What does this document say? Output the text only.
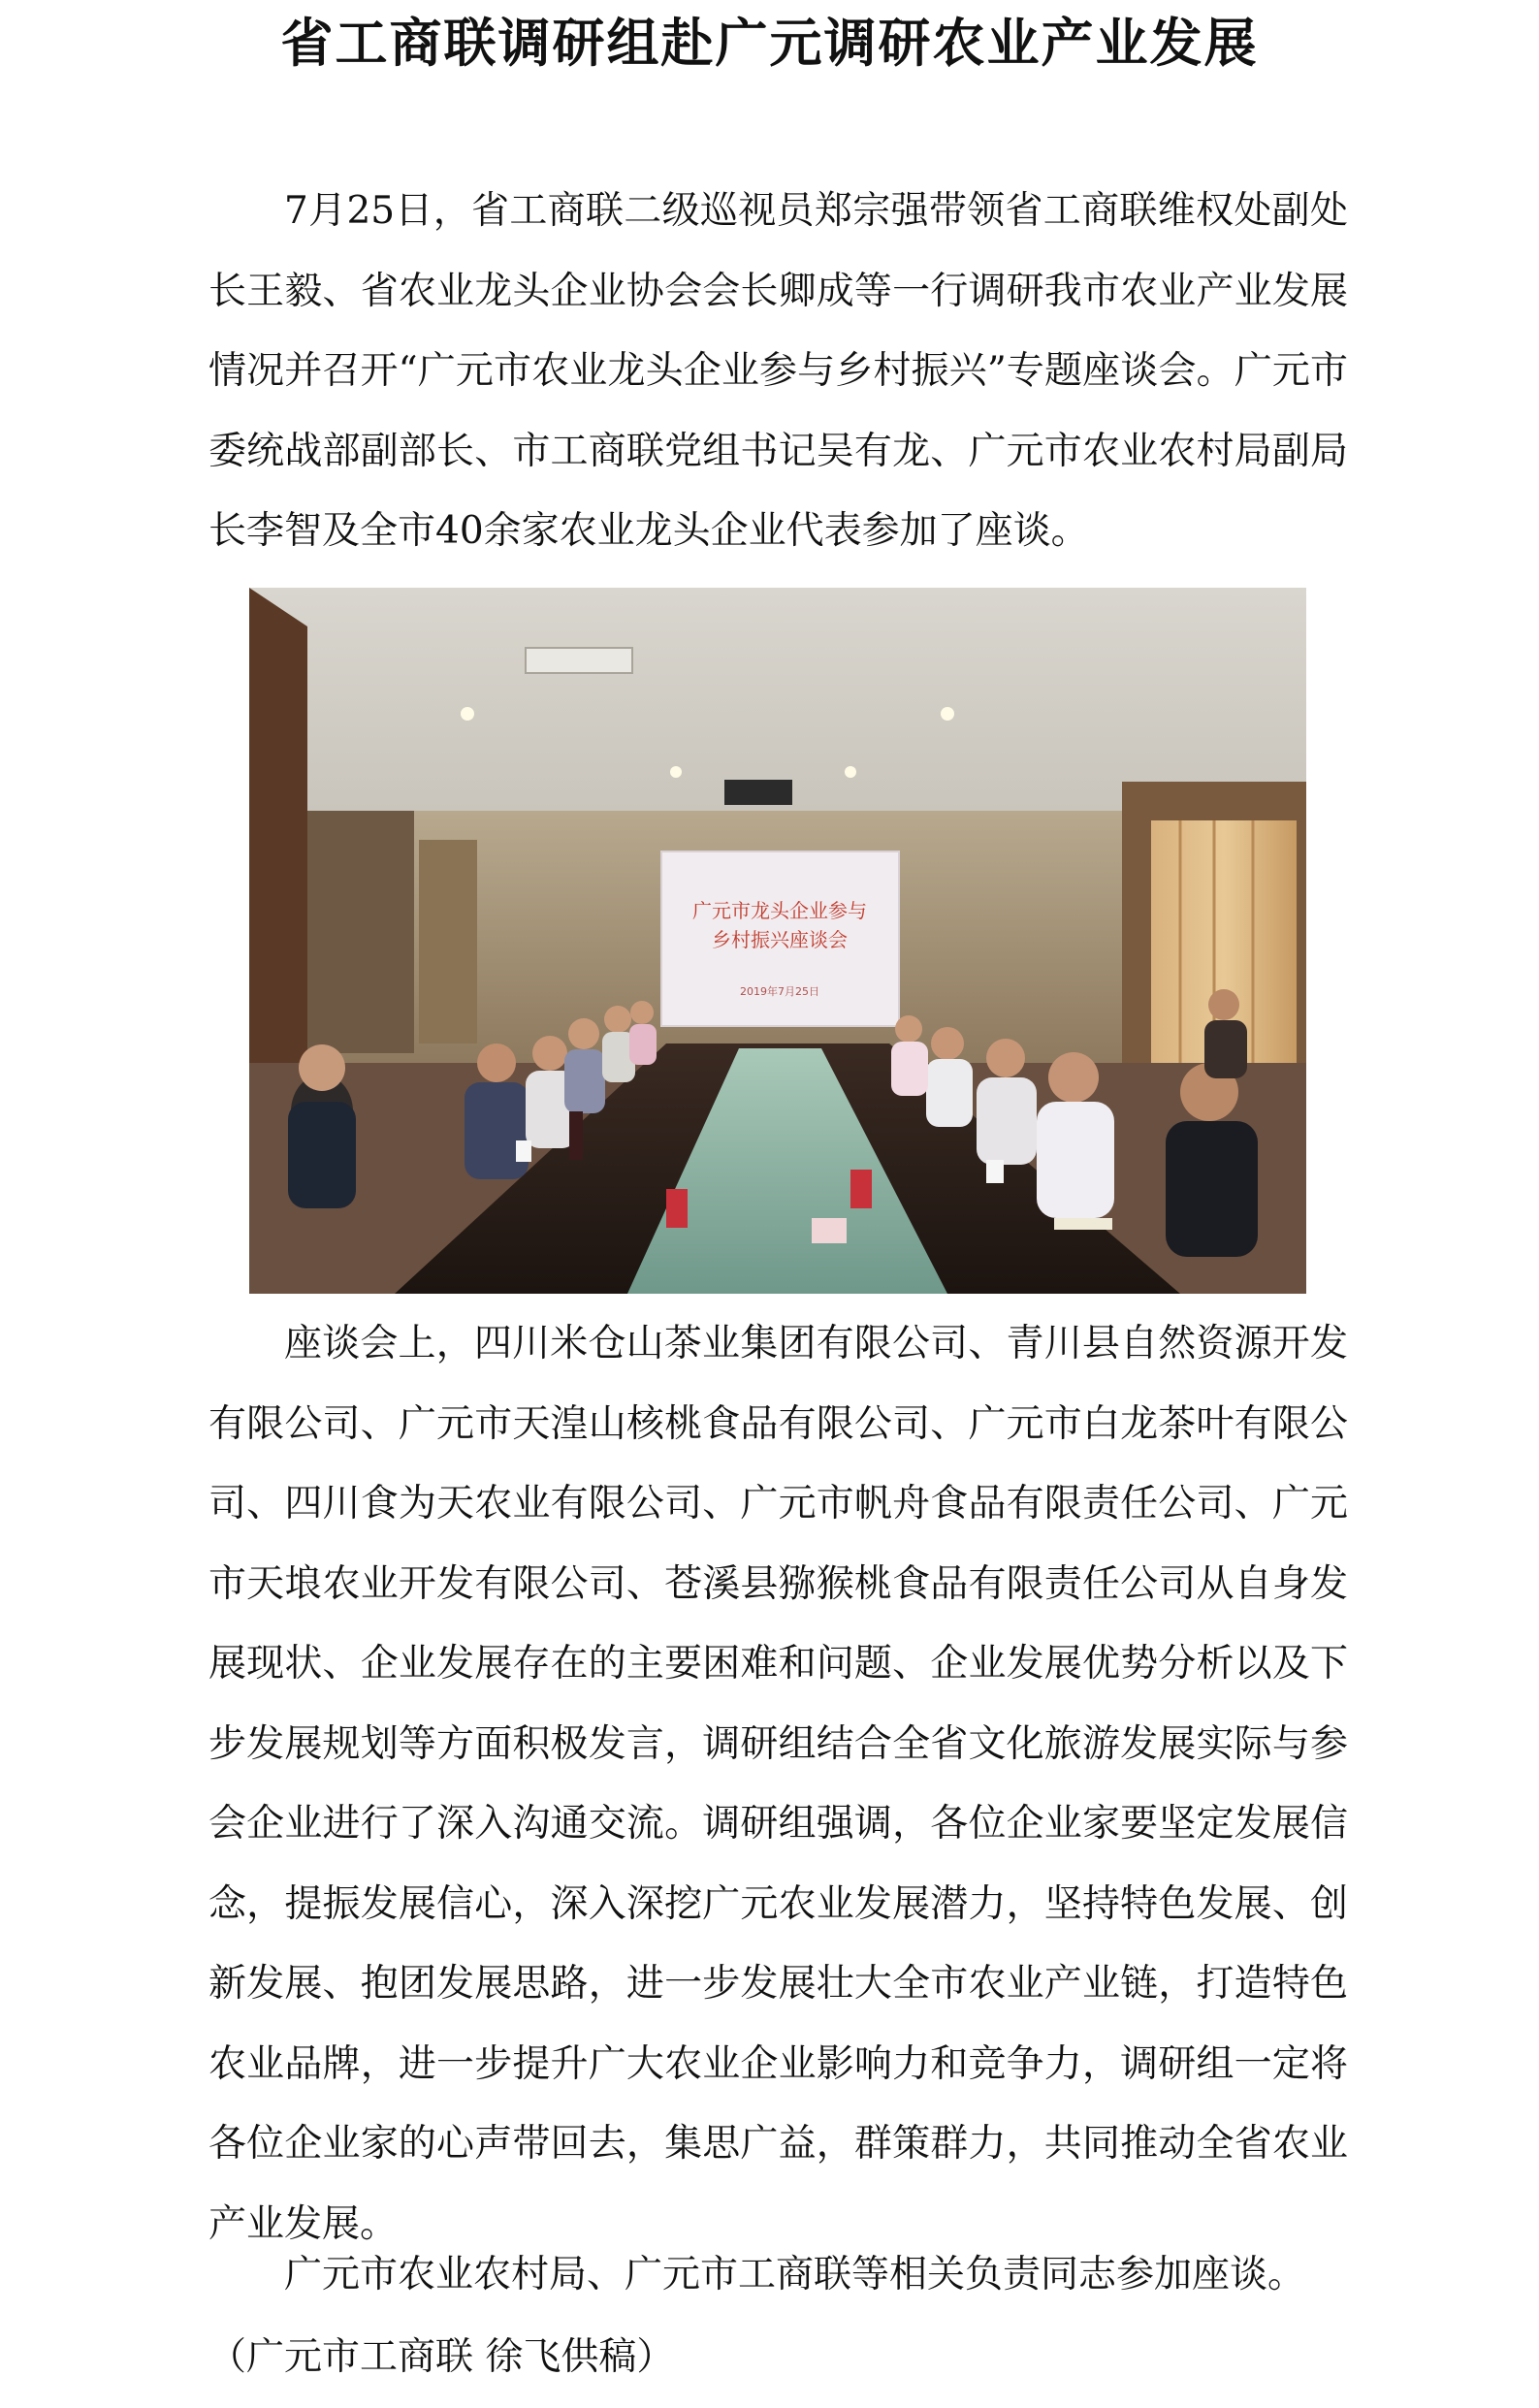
省工商联调研组赴广元调研农业产业发展

7月25日，省工商联二级巡视员郑宗强带领省工商联维权处副处长王毅、省农业龙头企业协会会长卿成等一行调研我市农业产业发展情况并召开“广元市农业龙头企业参与乡村振兴”专题座谈会。广元市委统战部副部长、市工商联党组书记吴有龙、广元市农业农村局副局长李智及全市40余家农业龙头企业代表参加了座谈。

广元市龙头企业参与
乡村振兴座谈会
2019年7月25日

座谈会上，四川米仓山茶业集团有限公司、青川县自然资源开发有限公司、广元市天湟山核桃食品有限公司、广元市白龙茶叶有限公司、四川食为天农业有限公司、广元市帆舟食品有限责任公司、广元市天埌农业开发有限公司、苍溪县猕猴桃食品有限责任公司从自身发展现状、企业发展存在的主要困难和问题、企业发展优势分析以及下步发展规划等方面积极发言，调研组结合全省文化旅游发展实际与参会企业进行了深入沟通交流。调研组强调，各位企业家要坚定发展信念，提振发展信心，深入深挖广元农业发展潜力，坚持特色发展、创新发展、抱团发展思路，进一步发展壮大全市农业产业链，打造特色农业品牌，进一步提升广大农业企业影响力和竞争力，调研组一定将各位企业家的心声带回去，集思广益，群策群力，共同推动全省农业产业发展。

广元市农业农村局、广元市工商联等相关负责同志参加座谈。

（广元市工商联 徐飞供稿）
